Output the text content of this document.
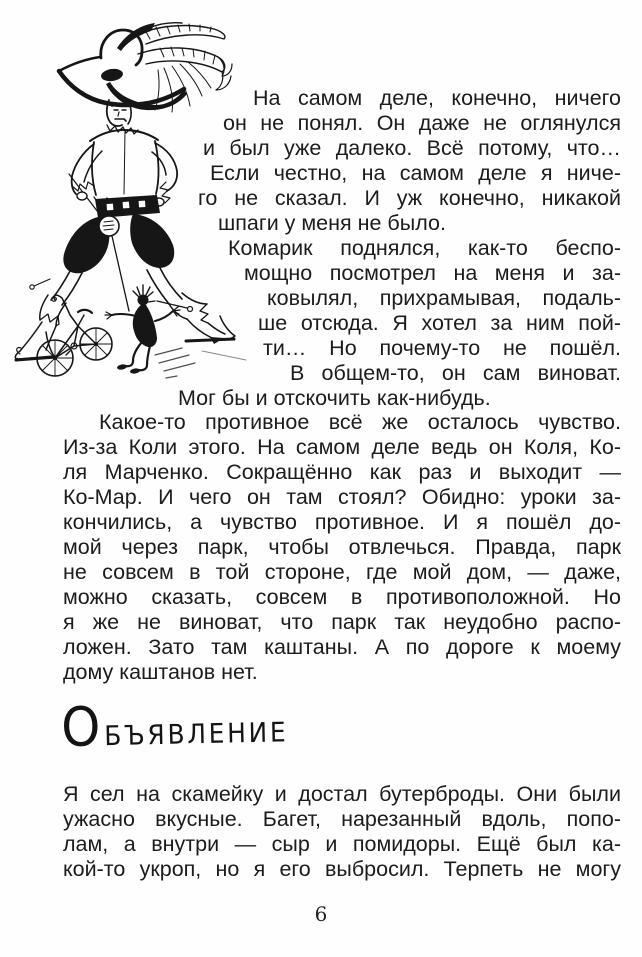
На самом деле, конечно, ничего
он не понял. Он даже не оглянулся
и был уже далеко. Всё потому, что…
Если честно, на самом деле я ниче-
го не сказал. И уж конечно, никакой
шпаги у меня не было.
Комарик поднялся, как-то беспо-
мощно посмотрел на меня и за-
ковылял, прихрамывая, подаль-
ше отсюда. Я хотел за ним пой-
ти… Но почему-то не пошёл.
В общем-то, он сам виноват.
Мог бы и отскочить как-нибудь.
Какое-то противное всё же осталось чувство.
Из-за Коли этого. На самом деле ведь он Коля, Ко-
ля Марченко. Сокращённо как раз и выходит —
Ко-Мар. И чего он там стоял? Обидно: уроки за-
кончились, а чувство противное. И я пошёл до-
мой через парк, чтобы отвлечься. Правда, парк
не совсем в той стороне, где мой дом, — даже,
можно сказать, совсем в противоположной. Но
я же не виноват, что парк так неудобно распо-
ложен. Зато там каштаны. А по дороге к моему
дому каштанов нет.
ОБЪЯВЛЕНИЕ
Я сел на скамейку и достал бутерброды. Они были
ужасно вкусные. Багет, нарезанный вдоль, попо-
лам, а внутри — сыр и помидоры. Ещё был ка-
кой-то укроп, но я его выбросил. Терпеть не могу
6
